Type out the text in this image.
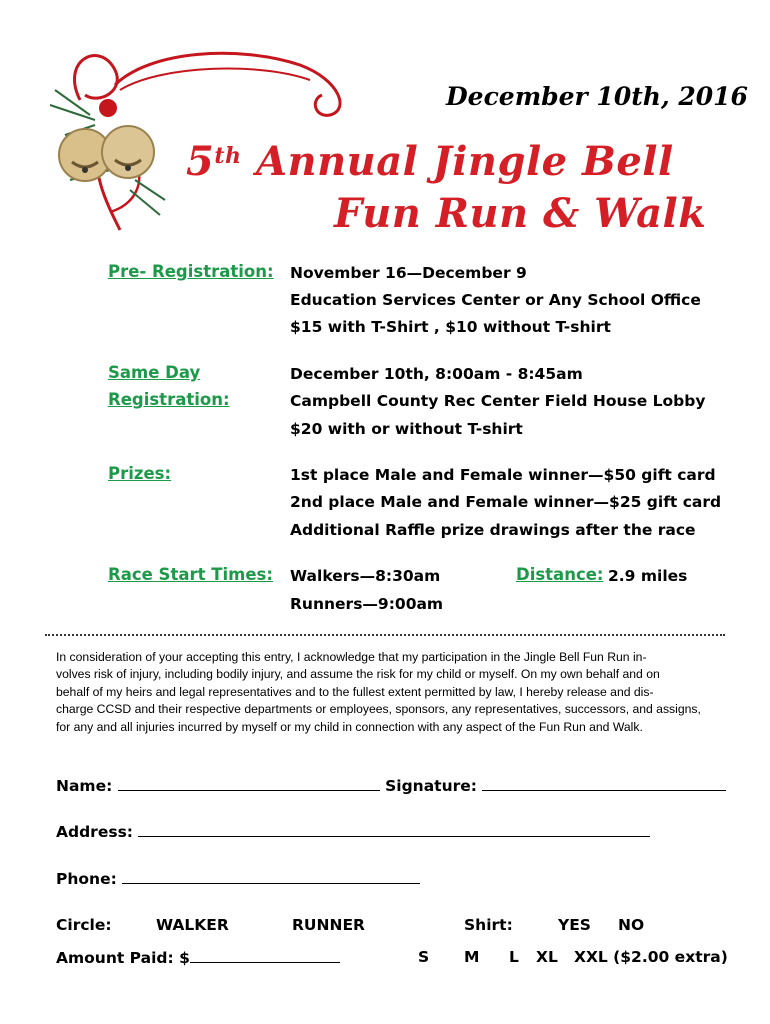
December 10th, 2016
5th Annual Jingle Bell
Fun Run & Walk
Pre- Registration: November 16—December 9
Education Services Center or Any School Office
$15 with T-Shirt , $10 without T-shirt
Same Day
Registration:
December 10th, 8:00am - 8:45am
Campbell County Rec Center Field House Lobby
$20 with or without T-shirt
Prizes:	1st place Male and Female winner—$50 gift card
2nd place Male and Female winner—$25 gift card
Additional Raffle prize drawings after the race
Race Start Times: Walkers—8:30am
Runners—9:00am
Distance: 2.9 miles
In consideration of your accepting this entry, I acknowledge that my participation in the Jingle Bell Fun Run in-
volves risk of injury, including bodily injury, and assume the risk for my child or myself. On my own behalf and on
behalf of my heirs and legal representatives and to the fullest extent permitted by law, I hereby release and dis-
charge CCSD and their respective departments or employees, sponsors, any representatives, successors, and assigns,
for any and all injuries incurred by myself or my child in connection with any aspect of the Fun Run and Walk.
Name:	Signature:
Address:
Phone:
Circle:	WALKER	RUNNER	Shirt:	YES NO
Amount Paid: $	S M L XL XXL ($2.00 extra)
